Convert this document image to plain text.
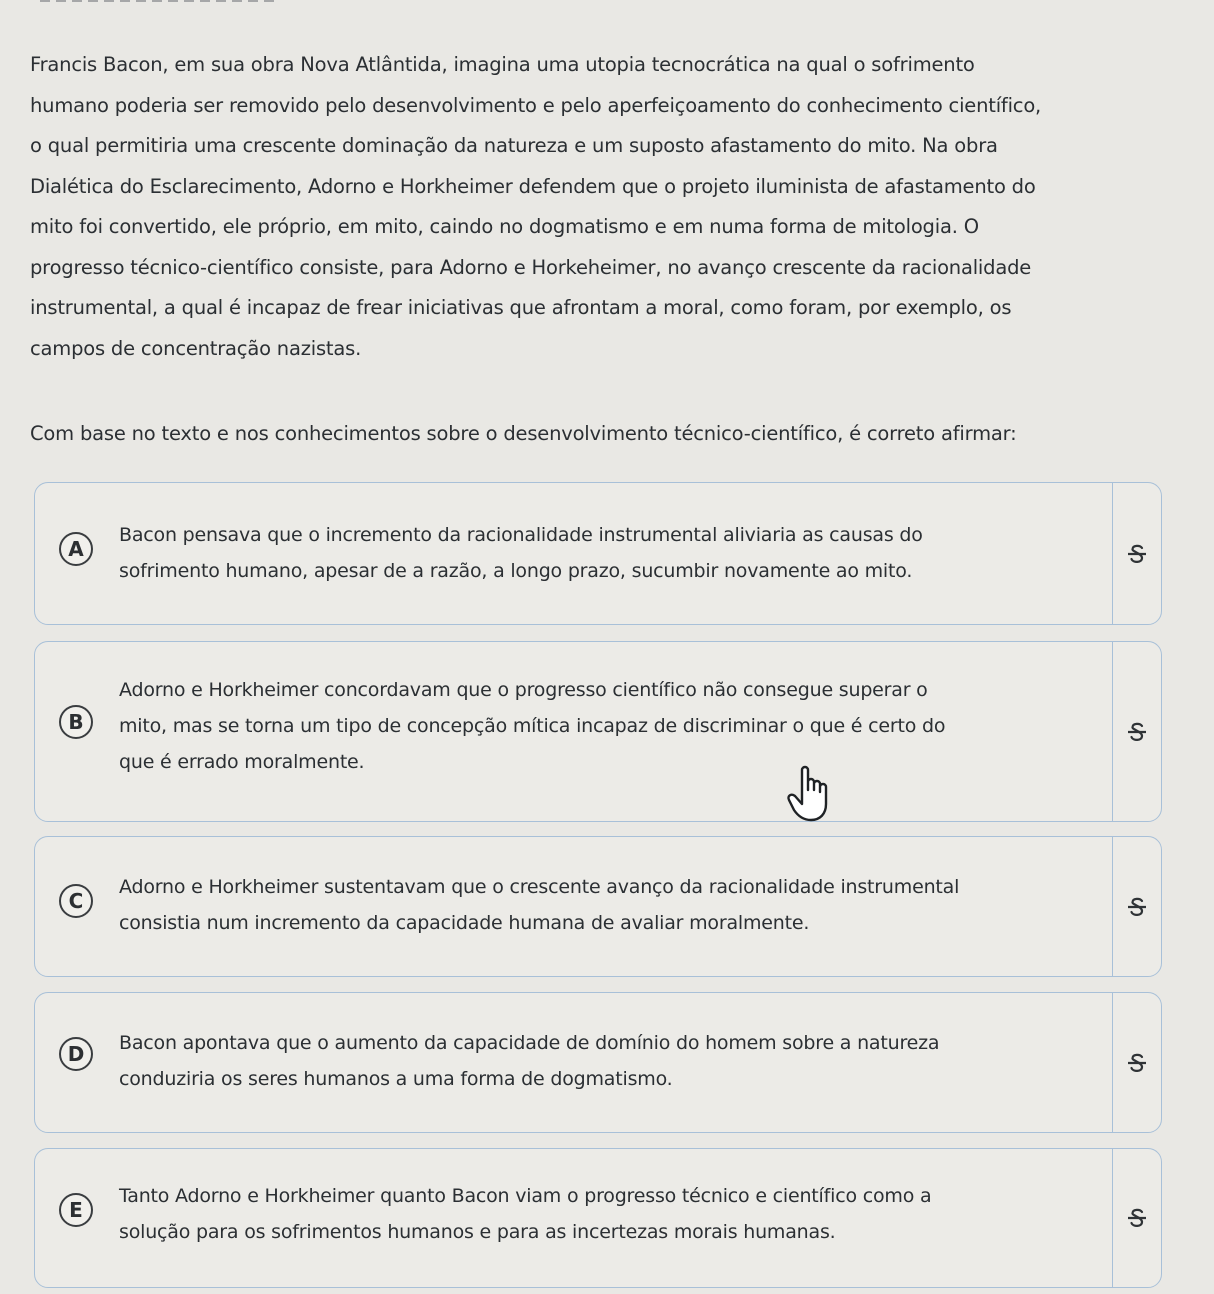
Francis Bacon, em sua obra Nova Atlântida, imagina uma utopia tecnocrática na qual o sofrimento
humano poderia ser removido pelo desenvolvimento e pelo aperfeiçoamento do conhecimento científico,
o qual permitiria uma crescente dominação da natureza e um suposto afastamento do mito. Na obra
Dialética do Esclarecimento, Adorno e Horkheimer defendem que o projeto iluminista de afastamento do
mito foi convertido, ele próprio, em mito, caindo no dogmatismo e em numa forma de mitologia. O
progresso técnico-científico consiste, para Adorno e Horkeheimer, no avanço crescente da racionalidade
instrumental, a qual é incapaz de frear iniciativas que afrontam a moral, como foram, por exemplo, os
campos de concentração nazistas.
Com base no texto e nos conhecimentos sobre o desenvolvimento técnico-científico, é correto afirmar:
A
Bacon pensava que o incremento da racionalidade instrumental aliviaria as causas do
sofrimento humano, apesar de a razão, a longo prazo, sucumbir novamente ao mito.
B
Adorno e Horkheimer concordavam que o progresso científico não consegue superar o
mito, mas se torna um tipo de concepção mítica incapaz de discriminar o que é certo do
que é errado moralmente.
C
Adorno e Horkheimer sustentavam que o crescente avanço da racionalidade instrumental
consistia num incremento da capacidade humana de avaliar moralmente.
D	Bacon apontava que o aumento da capacidade de domínio do homem sobre a natureza
conduziria os seres humanos a uma forma de dogmatismo.
E
Tanto Adorno e Horkheimer quanto Bacon viam o progresso técnico e científico como a
solução para os sofrimentos humanos e para as incertezas morais humanas.
